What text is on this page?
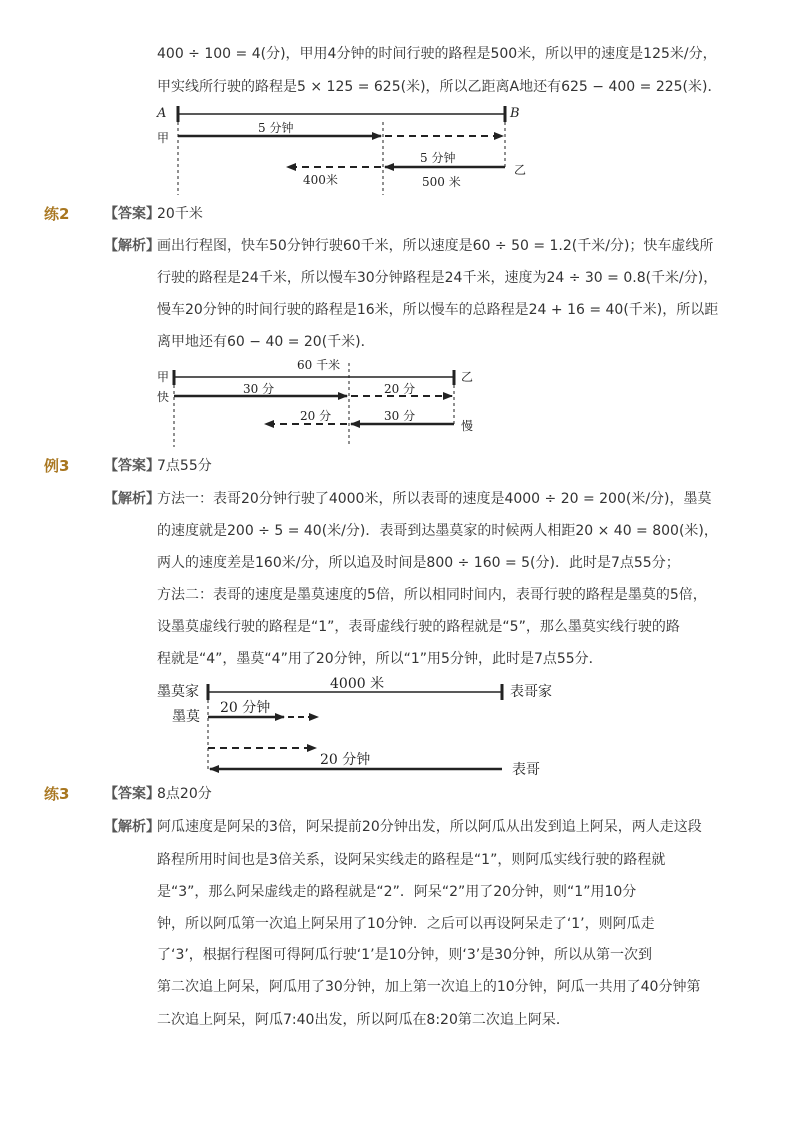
400 ÷ 100 = 4(分)，甲用4分钟的时间行驶的路程是500米，所以甲的速度是125米/分，
甲实线所行驶的路程是5 × 125 = 625(米)，所以乙距离A地还有625 − 400 = 225(米)．
A	B
甲
5 分钟
5 分钟
乙
400米	500 米
练2 【答案】
20千米
【解析】
画出行程图，快车50分钟行驶60千米，所以速度是60 ÷ 50 = 1.2(千米/分)；快车虚线所
行驶的路程是24千米，所以慢车30分钟路程是24千米，速度为24 ÷ 30 = 0.8(千米/分)，
慢车20分钟的时间行驶的路程是16米，所以慢车的总路程是24 + 16 = 40(千米)，所以距
离甲地还有60 − 40 = 20(千米)．
60 千米
甲	乙
快
30 分	20 分
20 分	30 分
慢
例3 【答案】
7点55分
【解析】
方法一：表哥20分钟行驶了4000米，所以表哥的速度是4000 ÷ 20 = 200(米/分)，墨莫
的速度就是200 ÷ 5 = 40(米/分)．表哥到达墨莫家的时候两人相距20 × 40 = 800(米)，
两人的速度差是160米/分，所以追及时间是800 ÷ 160 = 5(分)．此时是7点55分；
方法二：表哥的速度是墨莫速度的5倍，所以相同时间内，表哥行驶的路程是墨莫的5倍，
设墨莫虚线行驶的路程是“1”，表哥虚线行驶的路程就是“5”，那么墨莫实线行驶的路
程就是“4”，墨莫“4”用了20分钟，所以“1”用5分钟，此时是7点55分．
墨莫家	4000 米	表哥家
墨莫
20 分钟
20 分钟
表哥
练3 【答案】
8点20分
【解析】
阿瓜速度是阿呆的3倍，阿呆提前20分钟出发，所以阿瓜从出发到追上阿呆，两人走这段
路程所用时间也是3倍关系，设阿呆实线走的路程是“1”，则阿瓜实线行驶的路程就
是“3”，那么阿呆虚线走的路程就是“2”．阿呆“2”用了20分钟，则“1”用10分
钟，所以阿瓜第一次追上阿呆用了10分钟．之后可以再设阿呆走了‘1’，则阿瓜走
了‘3’，根据行程图可得阿瓜行驶‘1’是10分钟，则‘3’是30分钟，所以从第一次到
第二次追上阿呆，阿瓜用了30分钟，加上第一次追上的10分钟，阿瓜一共用了40分钟第
二次追上阿呆，阿瓜7:40出发，所以阿瓜在8:20第二次追上阿呆．
